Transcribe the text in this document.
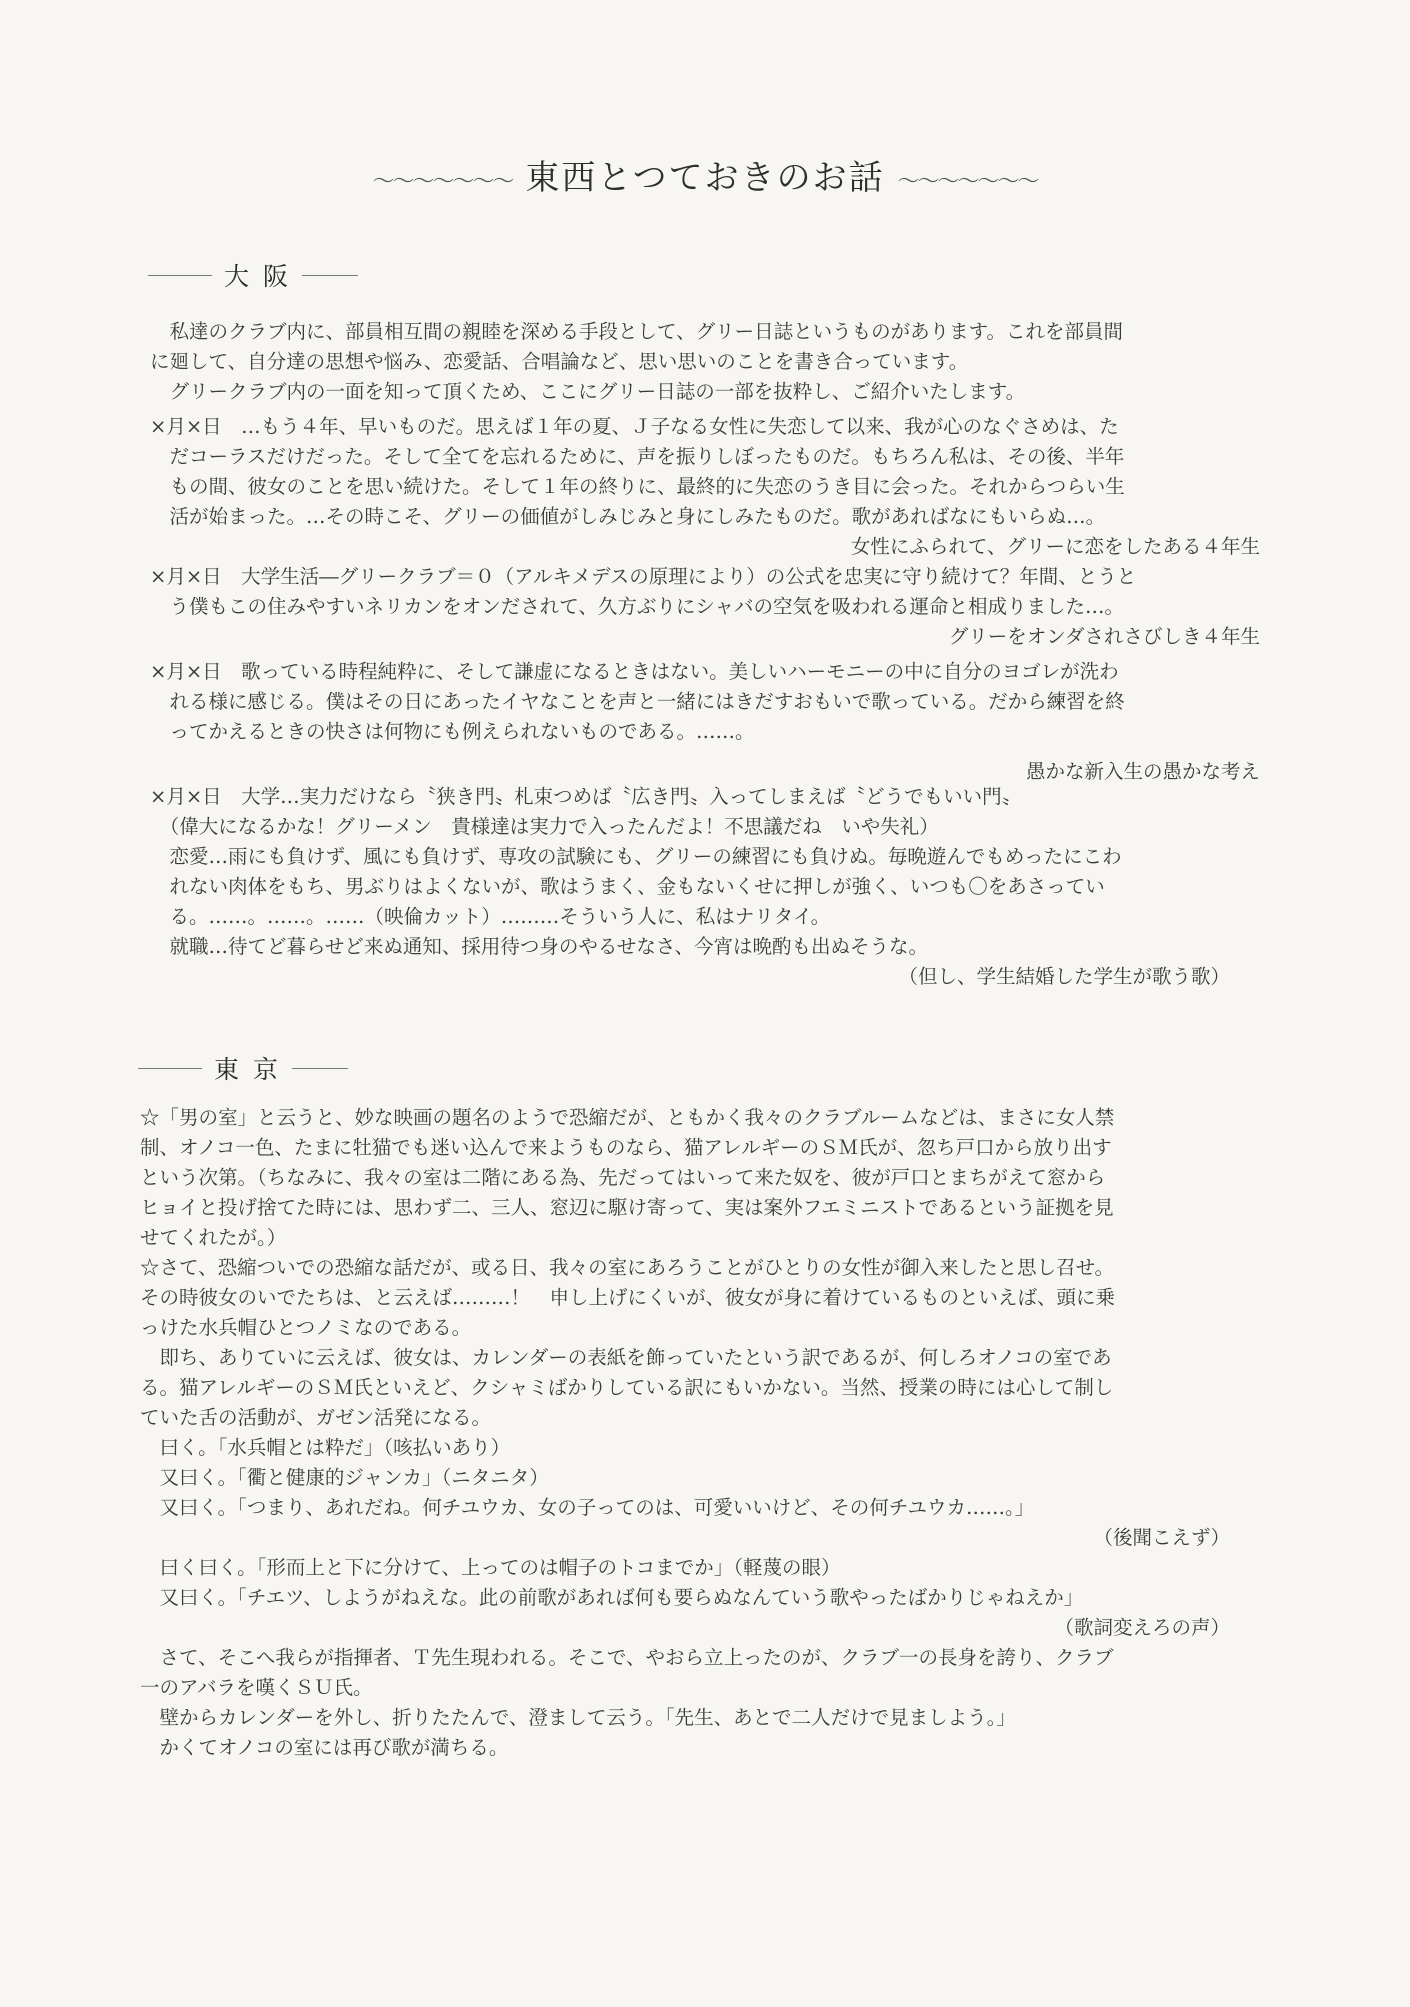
〜〜〜〜〜〜〜 東西とつておきのお話 〜〜〜〜〜〜〜
大阪
　私達のクラブ内に、部員相互間の親睦を深める手段として、グリー日誌というものがあります。これを部員間
に廻して、自分達の思想や悩み、恋愛話、合唱論など、思い思いのことを書き合っています。
　グリークラブ内の一面を知って頂くため、ここにグリー日誌の一部を抜粋し、ご紹介いたします。
×月×日　…もう４年、早いものだ。思えば１年の夏、Ｊ子なる女性に失恋して以来、我が心のなぐさめは、た
　だコーラスだけだった。そして全てを忘れるために、声を振りしぼったものだ。もちろん私は、その後、半年
　もの間、彼女のことを思い続けた。そして１年の終りに、最終的に失恋のうき目に会った。それからつらい生
　活が始まった。…その時こそ、グリーの価値がしみじみと身にしみたものだ。歌があればなにもいらぬ…。
女性にふられて、グリーに恋をしたある４年生
×月×日　大学生活―グリークラブ＝０（アルキメデスの原理により）の公式を忠実に守り続けて？年間、とうと
　う僕もこの住みやすいネリカンをオンだされて、久方ぶりにシャバの空気を吸われる運命と相成りました…。
グリーをオンダされさびしき４年生
×月×日　歌っている時程純粋に、そして謙虚になるときはない。美しいハーモニーの中に自分のヨゴレが洗わ
　れる様に感じる。僕はその日にあったイヤなことを声と一緒にはきだすおもいで歌っている。だから練習を終
　ってかえるときの快さは何物にも例えられないものである。……。
愚かな新入生の愚かな考え
×月×日　大学…実力だけなら〝狭き門〟札束つめば〝広き門〟入ってしまえば〝どうでもいい門〟
　（偉大になるかな！グリーメン　貴様達は実力で入ったんだよ！不思議だね　いや失礼）
　恋愛…雨にも負けず、風にも負けず、専攻の試験にも、グリーの練習にも負けぬ。毎晩遊んでもめったにこわ
　れない肉体をもち、男ぶりはよくないが、歌はうまく、金もないくせに押しが強く、いつも〇をあさってい
　る。……。……。……（映倫カット）………そういう人に、私はナリタイ。
　就職…待てど暮らせど来ぬ通知、採用待つ身のやるせなさ、今宵は晩酌も出ぬそうな。
（但し、学生結婚した学生が歌う歌）
東京
☆「男の室」と云うと、妙な映画の題名のようで恐縮だが、ともかく我々のクラブルームなどは、まさに女人禁
制、オノコ一色、たまに牡猫でも迷い込んで来ようものなら、猫アレルギーのＳＭ氏が、忽ち戸口から放り出す
という次第。（ちなみに、我々の室は二階にある為、先だってはいって来た奴を、彼が戸口とまちがえて窓から
ヒョイと投げ捨てた時には、思わず二、三人、窓辺に駆け寄って、実は案外フエミニストであるという証拠を見
せてくれたが。）
☆さて、恐縮ついでの恐縮な話だが、或る日、我々の室にあろうことがひとりの女性が御入来したと思し召せ。
その時彼女のいでたちは、と云えば………！　申し上げにくいが、彼女が身に着けているものといえば、頭に乗
っけた水兵帽ひとつノミなのである。
　即ち、ありていに云えば、彼女は、カレンダーの表紙を飾っていたという訳であるが、何しろオノコの室であ
る。猫アレルギーのＳＭ氏といえど、クシャミばかりしている訳にもいかない。当然、授業の時には心して制し
ていた舌の活動が、ガゼン活発になる。
　曰く。「水兵帽とは粋だ」（咳払いあり）
　又曰く。「衢と健康的ジャンカ」（ニタニタ）
　又曰く。「つまり、あれだね。何チユウカ、女の子ってのは、可愛いいけど、その何チユウカ……。」
（後聞こえず）
　曰く曰く。「形而上と下に分けて、上ってのは帽子のトコまでか」（軽蔑の眼）
　又曰く。「チエツ、しようがねえな。此の前歌があれば何も要らぬなんていう歌やったばかりじゃねえか」
（歌詞変えろの声）
　さて、そこへ我らが指揮者、Ｔ先生現われる。そこで、やおら立上ったのが、クラブ一の長身を誇り、クラブ
一のアバラを嘆くＳＵ氏。
　壁からカレンダーを外し、折りたたんで、澄まして云う。「先生、あとで二人だけで見ましよう。」
　かくてオノコの室には再び歌が満ちる。
